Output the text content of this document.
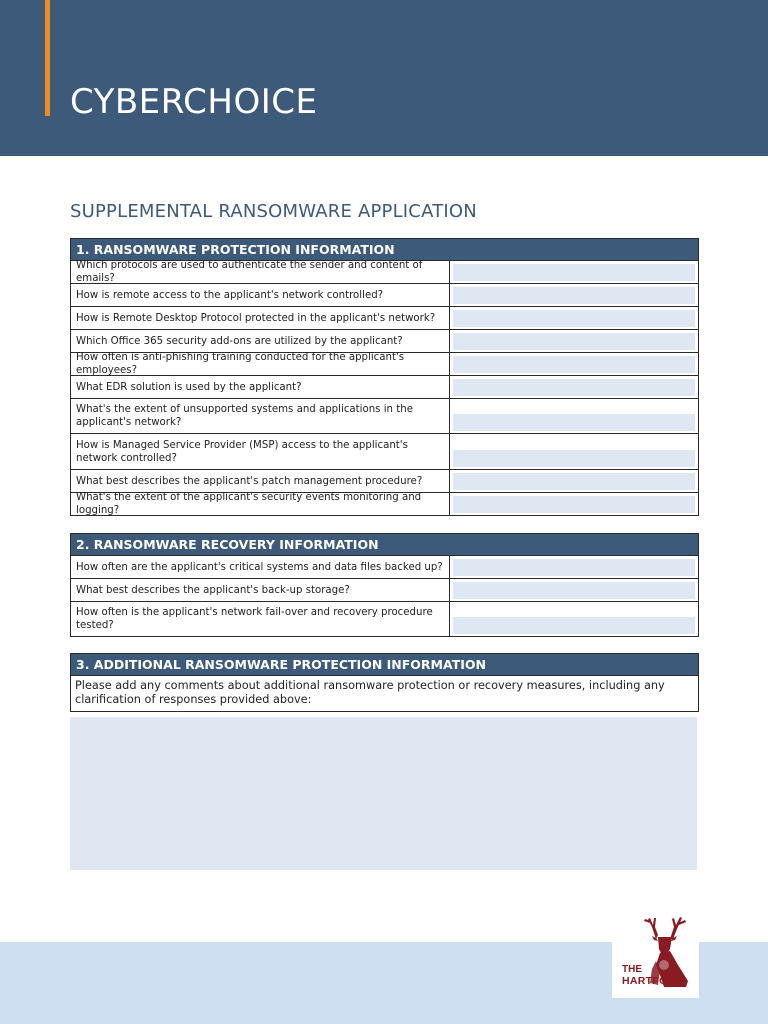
CYBERCHOICE
SUPPLEMENTAL RANSOMWARE APPLICATION
1. RANSOMWARE PROTECTION INFORMATION
Which protocols are used to authenticate the sender and content of emails?
How is remote access to the applicant's network controlled?
How is Remote Desktop Protocol protected in the applicant's network?
Which Office 365 security add-ons are utilized by the applicant?
How often is anti-phishing training conducted for the applicant's employees?
What EDR solution is used by the applicant?
What's the extent of unsupported systems and applications in the applicant's network?
How is Managed Service Provider (MSP) access to the applicant's network controlled?
What best describes the applicant's patch management procedure?
What's the extent of the applicant's security events monitoring and logging?
2. RANSOMWARE RECOVERY INFORMATION
How often are the applicant's critical systems and data files backed up?
What best describes the applicant's back-up storage?
How often is the applicant's network fail-over and recovery procedure tested?
3. ADDITIONAL RANSOMWARE PROTECTION INFORMATION
Please add any comments about additional ransomware protection or recovery measures, including any clarification of responses provided above:
THE
HARTFORD
